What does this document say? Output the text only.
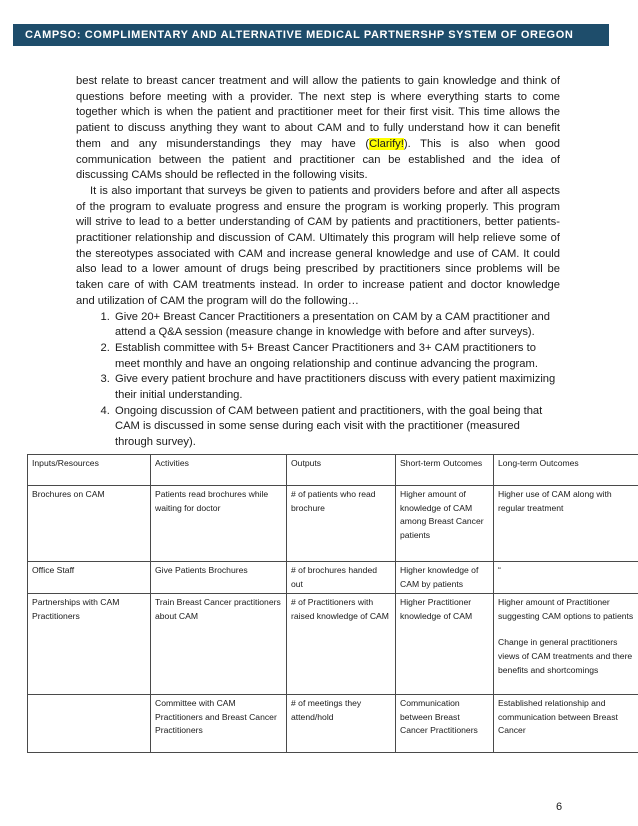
CAMPSO: COMPLIMENTARY AND ALTERNATIVE MEDICAL PARTNERSHP SYSTEM OF OREGON

best relate to breast cancer treatment and will allow the patients to gain knowledge and think of questions before meeting with a provider. The next step is where everything starts to come together which is when the patient and practitioner meet for their first visit. This time allows the patient to discuss anything they want to about CAM and to fully understand how it can benefit them and any misunderstandings they may have (Clarify!). This is also when good communication between the patient and practitioner can be established and the idea of discussing CAMs should be reflected in the following visits.

It is also important that surveys be given to patients and providers before and after all aspects of the program to evaluate progress and ensure the program is working properly. This program will strive to lead to a better understanding of CAM by patients and practitioners, better patients-practitioner relationship and discussion of CAM. Ultimately this program will help relieve some of the stereotypes associated with CAM and increase general knowledge and use of CAM. It could also lead to a lower amount of drugs being prescribed by practitioners since problems will be taken care of with CAM treatments instead. In order to increase patient and doctor knowledge and utilization of CAM the program will do the following…

1. Give 20+ Breast Cancer Practitioners a presentation on CAM by a CAM practitioner and attend a Q&A session (measure change in knowledge with before and after surveys).
2. Establish committee with 5+ Breast Cancer Practitioners and 3+ CAM practitioners to meet monthly and have an ongoing relationship and continue advancing the program.
3. Give every patient brochure and have practitioners discuss with every patient maximizing their initial understanding.
4. Ongoing discussion of CAM between patient and practitioners, with the goal being that CAM is discussed in some sense during each visit with the practitioner (measured through survey).
Inputs/Resources	Activities	Outputs	Short-term Outcomes	Long-term Outcomes
Brochures on CAM	Patients read brochures while waiting for doctor	# of patients who read brochure	Higher amount of knowledge of CAM among Breast Cancer patients	Higher use of CAM along with regular treatment
Office Staff	Give Patients Brochures	# of brochures handed out	Higher knowledge of CAM by patients	“
Partnerships with CAM Practitioners	Train Breast Cancer practitioners about CAM	# of Practitioners with raised knowledge of CAM	Higher Practitioner knowledge of CAM	Higher amount of Practitioner suggesting CAM options to patients
Change in general practitioners views of CAM treatments and there benefits and shortcomings

	Committee with CAM Practitioners and Breast Cancer Practitioners	# of meetings they attend/hold	Communication between Breast Cancer Practitioners	Established relationship and communication between Breast Cancer
6
